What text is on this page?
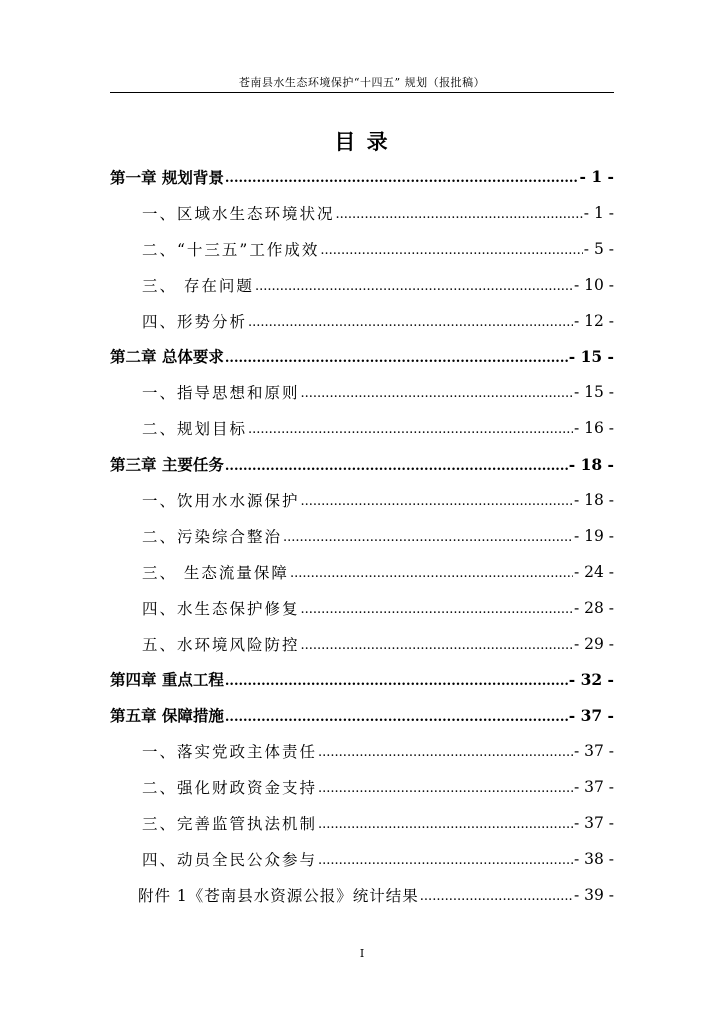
苍南县水生态环境保护“十四五” 规划（报批稿）
目 录
第一章 规划背景 .....	- 1 -
一、区域水生态环境状况 .....	- 1 -
二、“十三五”工作成效 .....	- 5 -
三、 存在问题 .....	- 10 -
四、形势分析 .....	- 12 -
第二章 总体要求 .....	- 15 -
一、指导思想和原则 .....	- 15 -
二、规划目标 .....	- 16 -
第三章 主要任务 .....	- 18 -
一、饮用水水源保护 .....	- 18 -
二、污染综合整治 .....	- 19 -
三、 生态流量保障 .....	- 24 -
四、水生态保护修复 .....	- 28 -
五、水环境风险防控 .....	- 29 -
第四章 重点工程 .....	- 32 -
第五章 保障措施 .....	- 37 -
一、落实党政主体责任 .....	- 37 -
二、强化财政资金支持 .....	- 37 -
三、完善监管执法机制 .....	- 37 -
四、动员全民公众参与 .....	- 38 -
附件 1《苍南县水资源公报》统计结果 .....	- 39 -
I
